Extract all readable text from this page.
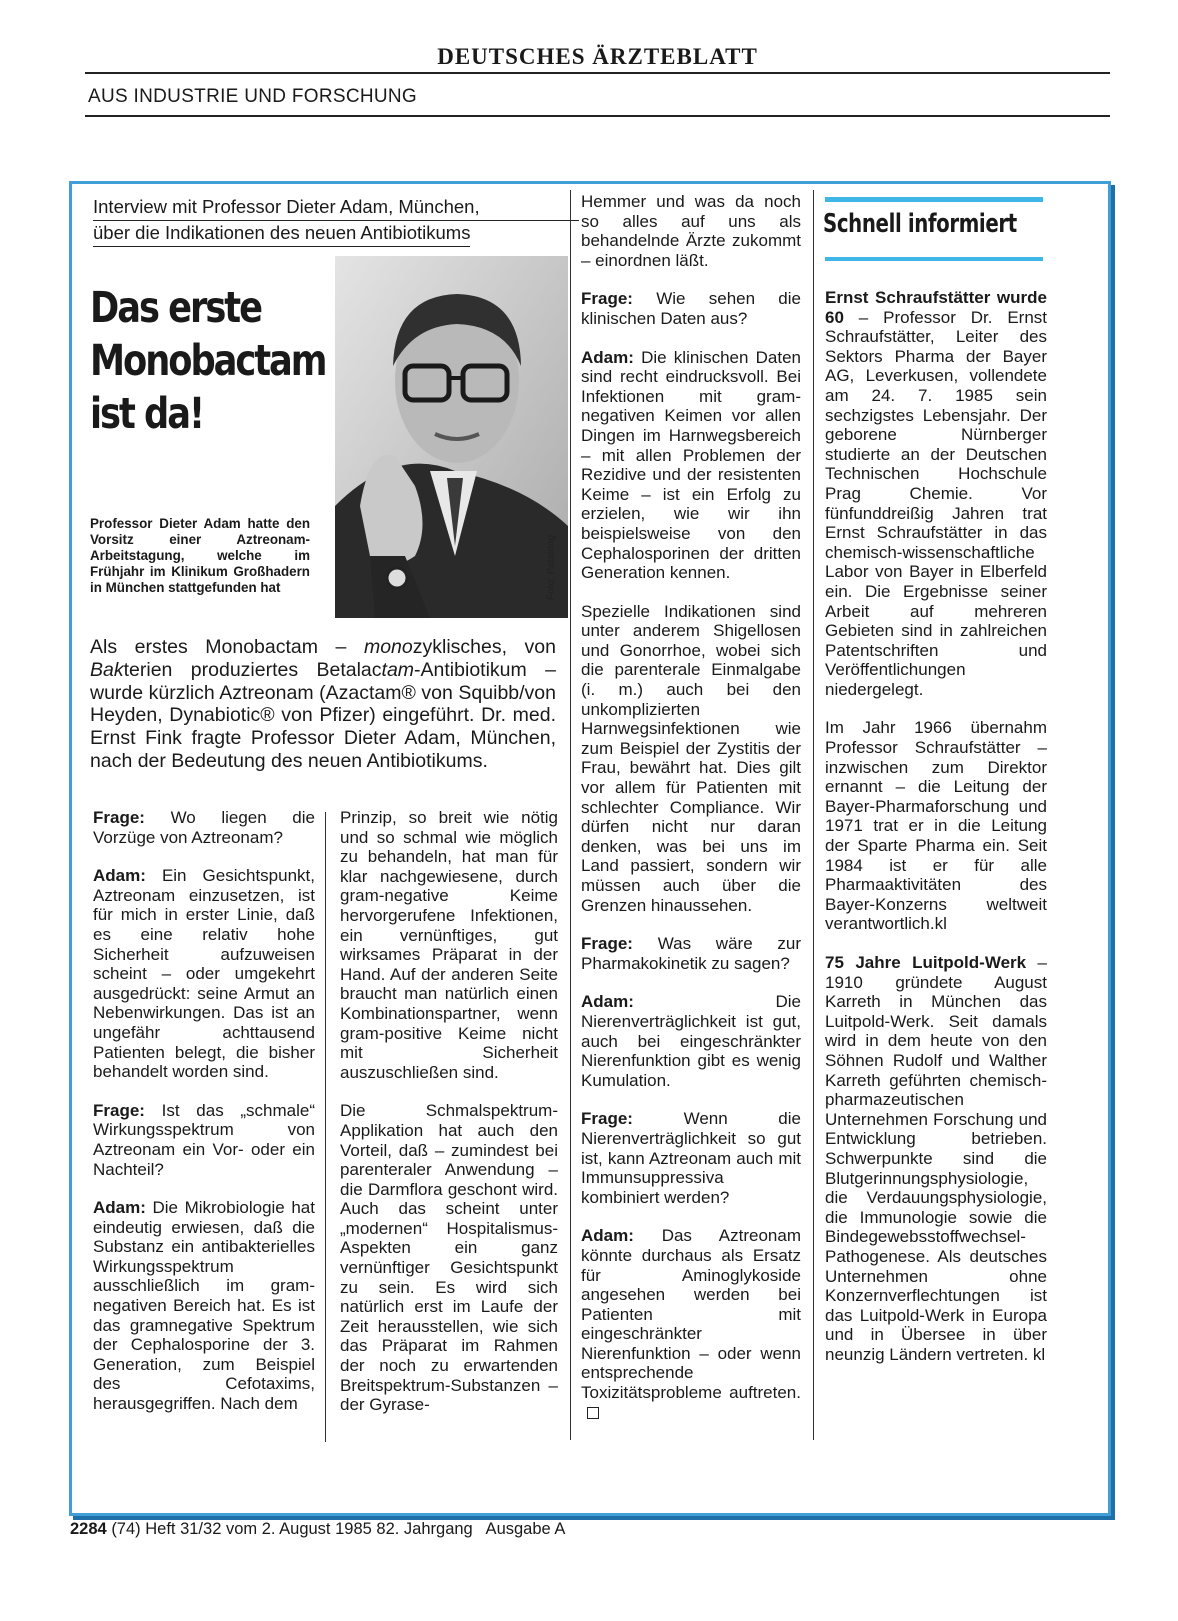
DEUTSCHES ÄRZTEBLATT
AUS INDUSTRIE UND FORSCHUNG
Interview mit Professor Dieter Adam, München,
über die Indikationen des neuen Antibiotikums
Das erste
Monobactam
ist da!
Foto: Pataiong
Professor Dieter Adam hatte den Vorsitz einer Aztreonam-Arbeitstagung, welche im Frühjahr im Klinikum Großhadern in München stattgefunden hat
Als erstes Monobactam – monozyklisches, von Bakterien produziertes Betalactam-Antibiotikum – wurde kürzlich Aztreonam (Azactam® von Squibb/von Heyden, Dynabiotic® von Pfizer) eingeführt. Dr. med. Ernst Fink fragte Professor Dieter Adam, München, nach der Bedeutung des neuen Antibiotikums.

Frage: Wo liegen die Vorzüge von Aztreonam?

Adam: Ein Gesichtspunkt, Aztreonam einzusetzen, ist für mich in erster Linie, daß es eine relativ hohe Sicherheit aufzuweisen scheint – oder umgekehrt ausgedrückt: seine Armut an Nebenwirkungen. Das ist an ungefähr achttausend Patienten belegt, die bisher behandelt worden sind.

Frage: Ist das „schmale“ Wirkungsspektrum von Aztreonam ein Vor- oder ein Nachteil?

Adam: Die Mikrobiologie hat eindeutig erwiesen, daß die Substanz ein antibakterielles Wirkungsspektrum ausschließlich im gram-negativen Bereich hat. Es ist das gramnegative Spektrum der Cephalosporine der 3. Generation, zum Beispiel des Cefotaxims, herausgegriffen. Nach dem

Prinzip, so breit wie nötig und so schmal wie möglich zu behandeln, hat man für klar nachgewiesene, durch gram-negative Keime hervorgerufene Infektionen, ein vernünftiges, gut wirksames Präparat in der Hand. Auf der anderen Seite braucht man natürlich einen Kombinationspartner, wenn gram-positive Keime nicht mit Sicherheit auszuschließen sind.

Die Schmalspektrum-Applikation hat auch den Vorteil, daß – zumindest bei parenteraler Anwendung – die Darmflora geschont wird. Auch das scheint unter „modernen“ Hospitalismus-Aspekten ein ganz vernünftiger Gesichtspunkt zu sein. Es wird sich natürlich erst im Laufe der Zeit herausstellen, wie sich das Präparat im Rahmen der noch zu erwartenden Breitspektrum-Substanzen – der Gyrase-

Hemmer und was da noch so alles auf uns als behandelnde Ärzte zukommt – einordnen läßt.

Frage: Wie sehen die klinischen Daten aus?

Adam: Die klinischen Daten sind recht eindrucksvoll. Bei Infektionen mit gram-negativen Keimen vor allen Dingen im Harnwegsbereich – mit allen Problemen der Rezidive und der resistenten Keime – ist ein Erfolg zu erzielen, wie wir ihn beispielsweise von den Cephalosporinen der dritten Generation kennen.

Spezielle Indikationen sind unter anderem Shigellosen und Gonorrhoe, wobei sich die parenterale Einmalgabe (i. m.) auch bei den unkomplizierten Harnwegsinfektionen wie zum Beispiel der Zystitis der Frau, bewährt hat. Dies gilt vor allem für Patienten mit schlechter Compliance. Wir dürfen nicht nur daran denken, was bei uns im Land passiert, sondern wir müssen auch über die Grenzen hinaussehen.

Frage: Was wäre zur Pharmakokinetik zu sagen?

Adam:	Die Nierenverträglichkeit ist gut, auch bei eingeschränkter Nierenfunktion gibt es wenig Kumulation.

Frage:	Wenn die Nierenverträglichkeit so gut ist, kann Aztreonam auch mit Immunsuppressiva kombiniert werden?

Adam: Das Aztreonam könnte durchaus als Ersatz für Aminoglykoside angesehen werden bei Patienten mit eingeschränkter Nierenfunktion – oder wenn entsprechende Toxizitätsprobleme auftreten.

Schnell informiert

Ernst Schraufstätter wurde 60 – Professor Dr. Ernst Schraufstätter, Leiter des Sektors Pharma der Bayer AG, Leverkusen, vollendete am 24. 7. 1985 sein sechzigstes Lebensjahr. Der geborene Nürnberger studierte an der Deutschen Technischen Hochschule Prag Chemie. Vor fünfunddreißig Jahren trat Ernst Schraufstätter in das chemisch-wissenschaftliche Labor von Bayer in Elberfeld ein. Die Ergebnisse seiner Arbeit auf mehreren Gebieten sind in zahlreichen Patentschriften und Veröffentlichungen niedergelegt.

Im Jahr 1966 übernahm Professor Schraufstätter – inzwischen zum Direktor ernannt – die Leitung der Bayer-Pharmaforschung und 1971 trat er in die Leitung der Sparte Pharma ein. Seit 1984 ist er für alle Pharmaaktivitäten des Bayer-Konzerns weltweit verantwortlich.kl

75 Jahre Luitpold-Werk – 1910 gründete August Karreth in München das Luitpold-Werk. Seit damals wird in dem heute von den Söhnen Rudolf und Walther Karreth geführten chemisch-pharmazeutischen Unternehmen Forschung und Entwicklung betrieben. Schwerpunkte sind die Blutgerinnungsphysiologie, die Verdauungsphysiologie, die Immunologie sowie die Bindegewebsstoffwechsel-Pathogenese. Als deutsches Unternehmen ohne Konzernverflechtungen ist das Luitpold-Werk in Europa und in Übersee in über neunzig Ländern vertreten. kl

2284 (74) Heft 31/32 vom 2. August 1985 82. Jahrgang   Ausgabe A
